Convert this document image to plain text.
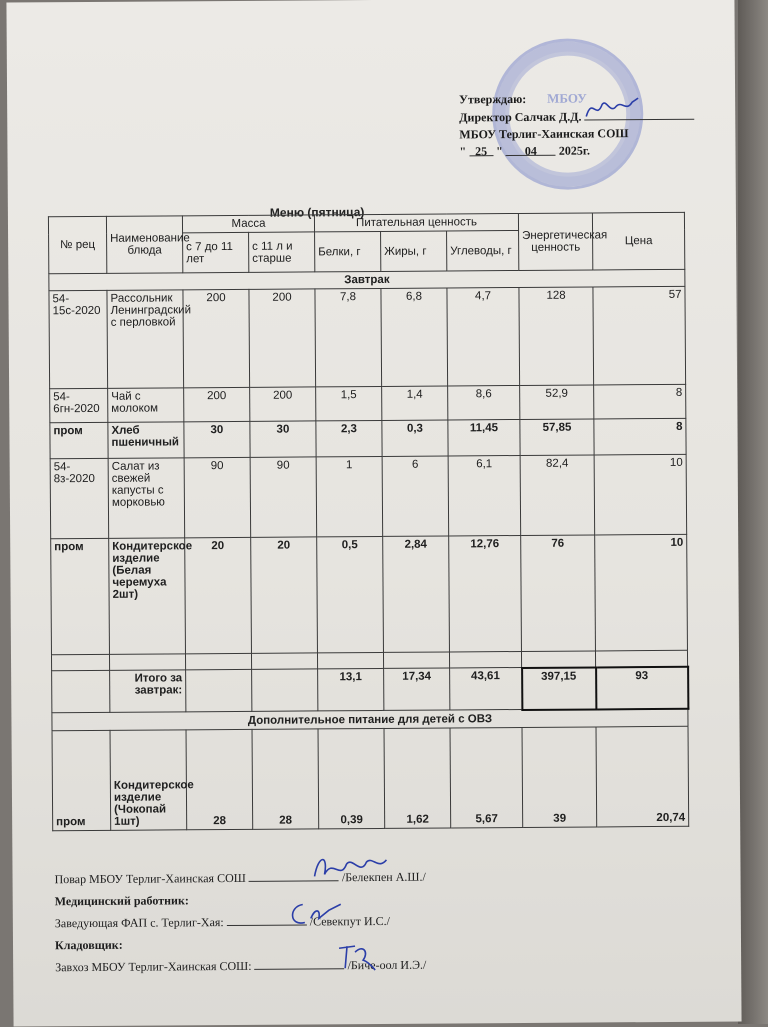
МБОУ
Утверждаю:
Директор Салчак Д.Д.
МБОУ Терлиг-Хаинская СОШ
" 25 " 04 2025г.
Меню (пятница)
№ рец	Наименование блюда	Масса		Питательная ценность			Энергетическая ценность	Цена
		с 7 до 11 лет	с 11 л и старше	Белки, г	Жиры, г	Углеводы, г		
Завтрак								
54-15с-2020	Рассольник Ленинградский с перловкой	200	200	7,8	6,8	4,7	128	57
54-6гн-2020	Чай с молоком	200	200	1,5	1,4	8,6	52,9	8
пром	Хлеб пшеничный	30	30	2,3	0,3	11,45	57,85	8
54-8з-2020	Салат из свежей капусты с морковью	90	90	1	6	6,1	82,4	10
пром	Кондитерское изделие (Белая черемуха 2шт)	20	20	0,5	2,84	12,76	76	10

	Итого за завтрак:			13,1	17,34	43,61	397,15	93
Дополнительное питание для детей с ОВЗ								
пром	Кондитерское изделие (Чокопай 1шт)	28	28	0,39	1,62	5,67	39	20,74
Повар МБОУ Терлиг-Хаинская СОШ	/Белекпен А.Ш./
Медицинский работник:
Заведующая ФАП с. Терлиг-Хая:	/Севекпут И.С./
Кладовщик:
Завхоз МБОУ Терлиг-Хаинская СОШ:	/Биче-оол И.Э./
